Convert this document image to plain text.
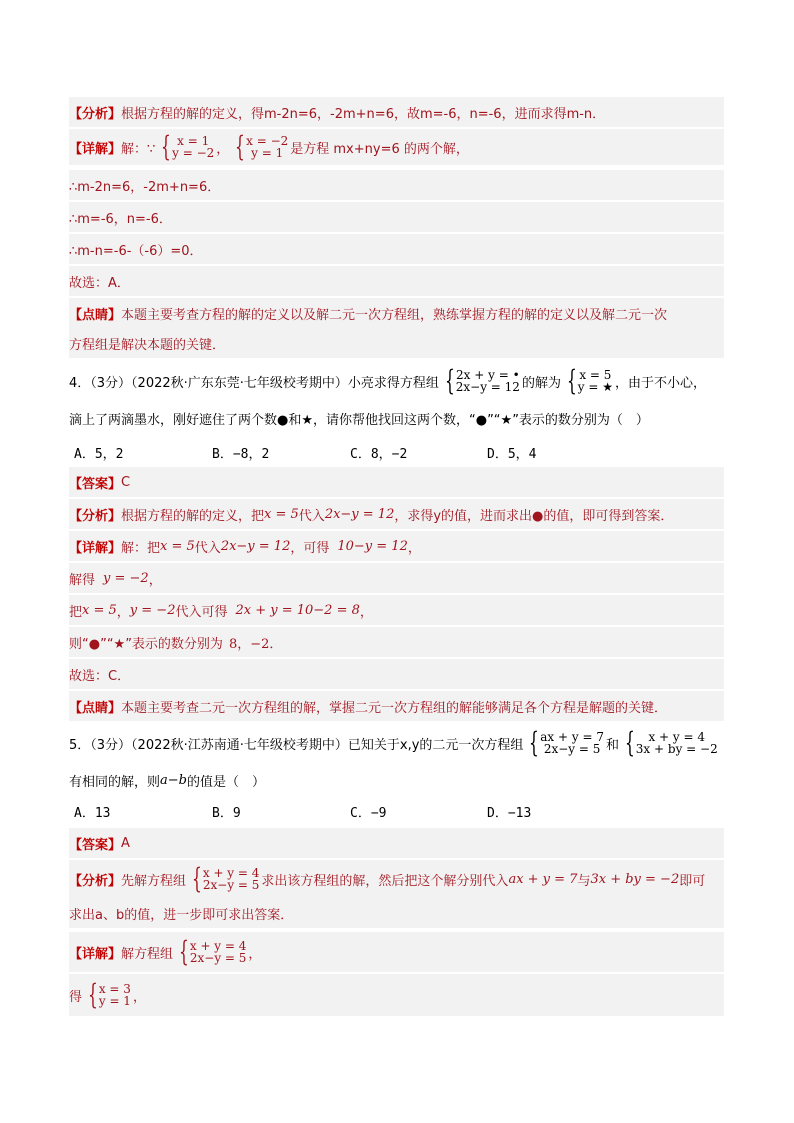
【分析】 根据方程的解的定义，得m-2n=6，-2m+n=6，故m=-6，n=-6，进而求得m-n．
【详解】 解：∵ { x = 1
y = −2 ， { x = −2
y = 1 是方程 mx+ny=6 的两个解，
∴m-2n=6，-2m+n=6．
∴m=-6，n=-6．
∴m-n=-6-（-6）=0．
故选：A．
【点睛】 本题主要考查方程的解的定义以及解二元一次方程组，熟练掌握方程的解的定义以及解二元一次
方程组是解决本题的关键．
4．（3分）（2022秋·广东东莞·七年级校考期中）小亮求得方程组 { 2x + y = •
2x−y = 12 的解为 { x = 5
y = ★ ，由于不小心，
滴上了两滴墨水，刚好遮住了两个数●和★，请你帮他找回这两个数，“●”“★”表示的数分别为（　）
A．5，2	B．−8，2	C．8，−2	D．5，4
【答案】 C
【分析】 根据方程的解的定义，把 x = 5 代入 2x−y = 12 ，求得y的值，进而求出●的值，即可得到答案．
【详解】 解：把 x = 5 代入 2x−y = 12 ，可得 10−y = 12 ，
解得 y = −2 ，
把 x = 5 ， y = −2 代入可得 2x + y = 10−2 = 8 ，
则“●”“★”表示的数分别为 8，−2 ．
故选：C．
【点睛】 本题主要考查二元一次方程组的解，掌握二元一次方程组的解能够满足各个方程是解题的关键．
5．（3分）（2022秋·江苏南通·七年级校考期中）已知关于x,y的二元一次方程组 { ax + y = 7
2x−y = 5 和 {	x + y = 4
3x + by = −2
有相同的解，则 a−b 的值是（　）
A．13	B．9	C．−9	D．−13
【答案】 A
【分析】 先解方程组 { x + y = 4
2x−y = 5 求出该方程组的解，然后把这个解分别代入 ax + y = 7 与 3x + by = −2 即可
求出a、b的值，进一步即可求出答案．
【详解】 解方程组 { x + y = 4
2x−y = 5 ，
得 { x = 3
y = 1 ，
